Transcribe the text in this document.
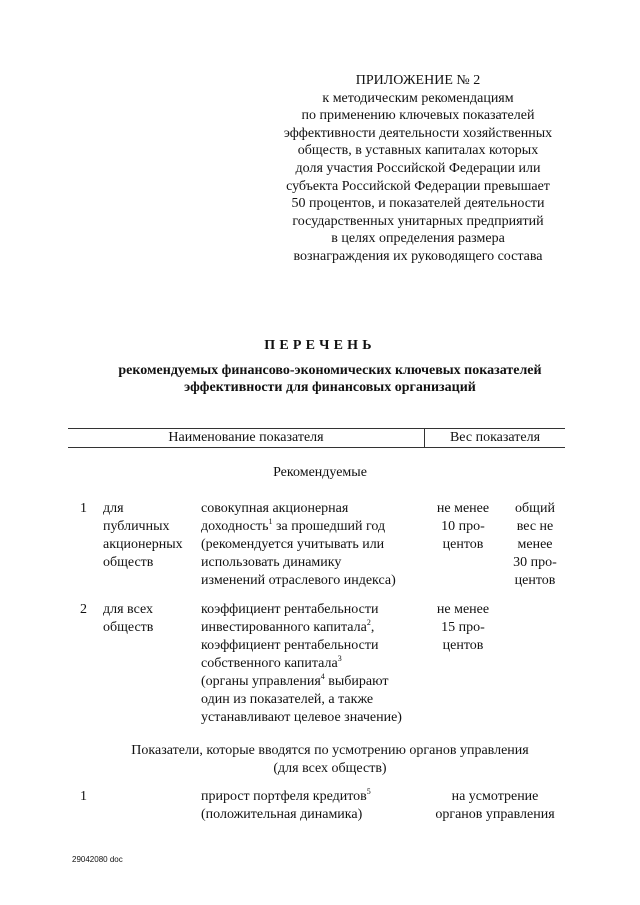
ПРИЛОЖЕНИЕ № 2
к методическим рекомендациям
по применению ключевых показателей
эффективности деятельности хозяйственных
обществ, в уставных капиталах которых
доля участия Российской Федерации или
субъекта Российской Федерации превышает
50 процентов, и показателей деятельности
государственных унитарных предприятий
в целях определения размера
вознаграждения их руководящего состава
ПЕРЕЧЕНЬ
рекомендуемых финансово-экономических ключевых показателей
эффективности для финансовых организаций
Наименование показателя	Вес показателя
Рекомендуемые
1 для
публичных
акционерных
обществ
совокупная акционерная
доходность$^1$ за прошедший год
(рекомендуется учитывать или
использовать динамику
изменений отраслевого индекса)
не менее
10 про-
центов
общий
вес не
менее
30 про-
центов
2 для всех
обществ
коэффициент рентабельности
инвестированного капитала$^2$,
коэффициент рентабельности
собственного капитала$^3$
(органы управления$^4$ выбирают
один из показателей, а также
устанавливают целевое значение)
не менее
15 про-
центов
Показатели, которые вводятся по усмотрению органов управления
(для всех обществ)
1	прирост портфеля кредитов$^5$
(положительная динамика)
на усмотрение
органов управления
29042080 doc
